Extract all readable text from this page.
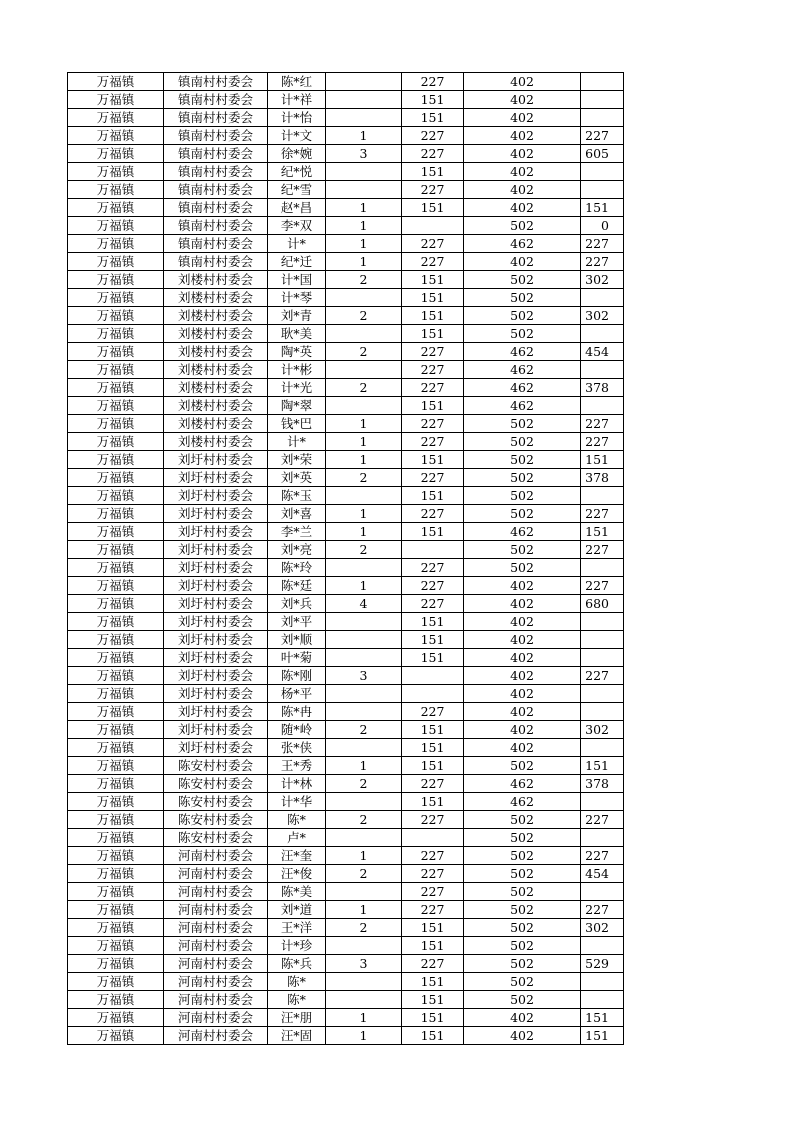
万福镇	镇南村村委会	陈*红		227	402	
万福镇	镇南村村委会	计*祥		151	402	
万福镇	镇南村村委会	计*怡		151	402	
万福镇	镇南村村委会	计*文	1	227	402	227
万福镇	镇南村村委会	徐*婉	3	227	402	605
万福镇	镇南村村委会	纪*悦		151	402	
万福镇	镇南村村委会	纪*雪		227	402	
万福镇	镇南村村委会	赵*昌	1	151	402	151
万福镇	镇南村村委会	李*双	1		502	0
万福镇	镇南村村委会	计*	1	227	462	227
万福镇	镇南村村委会	纪*迁	1	227	402	227
万福镇	刘楼村村委会	计*国	2	151	502	302
万福镇	刘楼村村委会	计*琴		151	502	
万福镇	刘楼村村委会	刘*青	2	151	502	302
万福镇	刘楼村村委会	耿*美		151	502	
万福镇	刘楼村村委会	陶*英	2	227	462	454
万福镇	刘楼村村委会	计*彬		227	462	
万福镇	刘楼村村委会	计*光	2	227	462	378
万福镇	刘楼村村委会	陶*翠		151	462	
万福镇	刘楼村村委会	钱*巴	1	227	502	227
万福镇	刘楼村村委会	计*	1	227	502	227
万福镇	刘圩村村委会	刘*荣	1	151	502	151
万福镇	刘圩村村委会	刘*英	2	227	502	378
万福镇	刘圩村村委会	陈*玉		151	502	
万福镇	刘圩村村委会	刘*喜	1	227	502	227
万福镇	刘圩村村委会	李*兰	1	151	462	151
万福镇	刘圩村村委会	刘*亮	2		502	227
万福镇	刘圩村村委会	陈*玲		227	502	
万福镇	刘圩村村委会	陈*廷	1	227	402	227
万福镇	刘圩村村委会	刘*兵	4	227	402	680
万福镇	刘圩村村委会	刘*平		151	402	
万福镇	刘圩村村委会	刘*顺		151	402	
万福镇	刘圩村村委会	叶*菊		151	402	
万福镇	刘圩村村委会	陈*刚	3		402	227
万福镇	刘圩村村委会	杨*平			402	
万福镇	刘圩村村委会	陈*冉		227	402	
万福镇	刘圩村村委会	随*岭	2	151	402	302
万福镇	刘圩村村委会	张*侠		151	402	
万福镇	陈安村村委会	王*秀	1	151	502	151
万福镇	陈安村村委会	计*林	2	227	462	378
万福镇	陈安村村委会	计*华		151	462	
万福镇	陈安村村委会	陈*	2	227	502	227
万福镇	陈安村村委会	卢*			502	
万福镇	河南村村委会	汪*奎	1	227	502	227
万福镇	河南村村委会	汪*俊	2	227	502	454
万福镇	河南村村委会	陈*美		227	502	
万福镇	河南村村委会	刘*道	1	227	502	227
万福镇	河南村村委会	王*洋	2	151	502	302
万福镇	河南村村委会	计*珍		151	502	
万福镇	河南村村委会	陈*兵	3	227	502	529
万福镇	河南村村委会	陈*		151	502	
万福镇	河南村村委会	陈*		151	502	
万福镇	河南村村委会	汪*朋	1	151	402	151
万福镇	河南村村委会	汪*固	1	151	402	151
